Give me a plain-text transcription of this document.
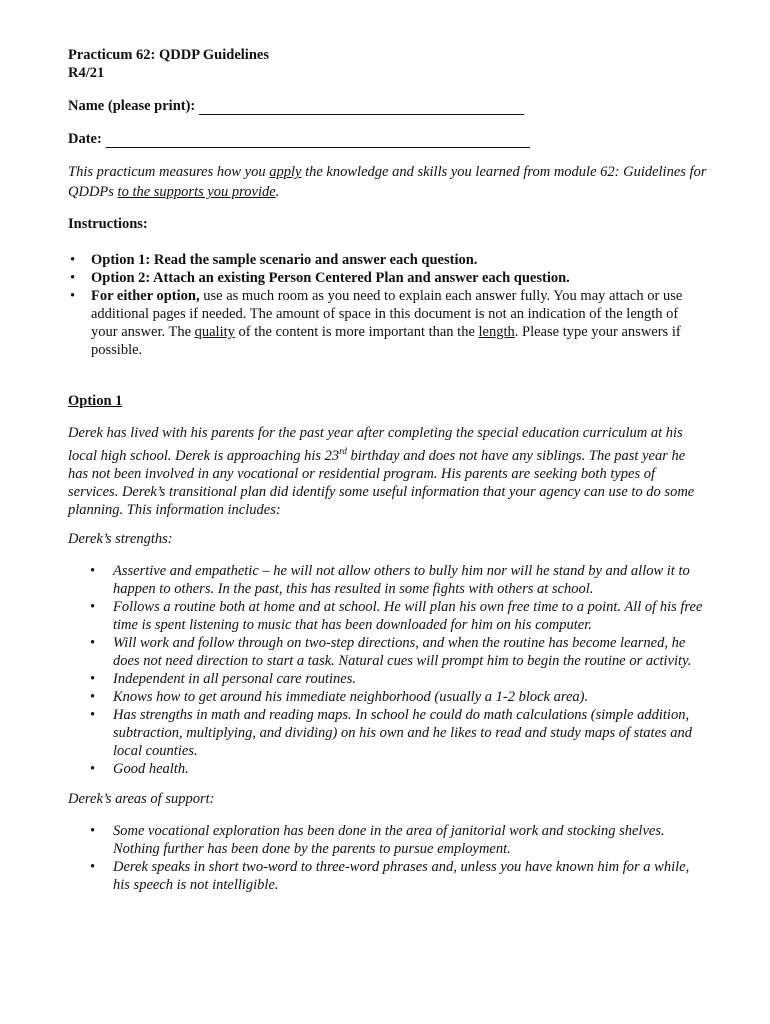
Practicum 62: QDDP Guidelines
R4/21
Name (please print):
Date:
This practicum measures how you apply the knowledge and skills you learned from module 62: Guidelines for QDDPs to the supports you provide.
Instructions:
• Option 1: Read the sample scenario and answer each question.
• Option 2: Attach an existing Person Centered Plan and answer each question.
• For either option, use as much room as you need to explain each answer fully. You may attach or use additional pages if needed. The amount of space in this document is not an indication of the length of your answer. The quality of the content is more important than the length. Please type your answers if possible.
Option 1
Derek has lived with his parents for the past year after completing the special education curriculum at his local high school. Derek is approaching his 23rd birthday and does not have any siblings. The past year he has not been involved in any vocational or residential program. His parents are seeking both types of services. Derek’s transitional plan did identify some useful information that your agency can use to do some planning. This information includes:
Derek’s strengths:
• Assertive and empathetic – he will not allow others to bully him nor will he stand by and allow it to happen to others. In the past, this has resulted in some fights with others at school.
• Follows a routine both at home and at school. He will plan his own free time to a point. All of his free time is spent listening to music that has been downloaded for him on his computer.
• Will work and follow through on two-step directions, and when the routine has become learned, he does not need direction to start a task. Natural cues will prompt him to begin the routine or activity.
• Independent in all personal care routines.
• Knows how to get around his immediate neighborhood (usually a 1-2 block area).
• Has strengths in math and reading maps. In school he could do math calculations (simple addition, subtraction, multiplying, and dividing) on his own and he likes to read and study maps of states and local counties.
• Good health.
Derek’s areas of support:
• Some vocational exploration has been done in the area of janitorial work and stocking shelves. Nothing further has been done by the parents to pursue employment.
• Derek speaks in short two-word to three-word phrases and, unless you have known him for a while, his speech is not intelligible.
